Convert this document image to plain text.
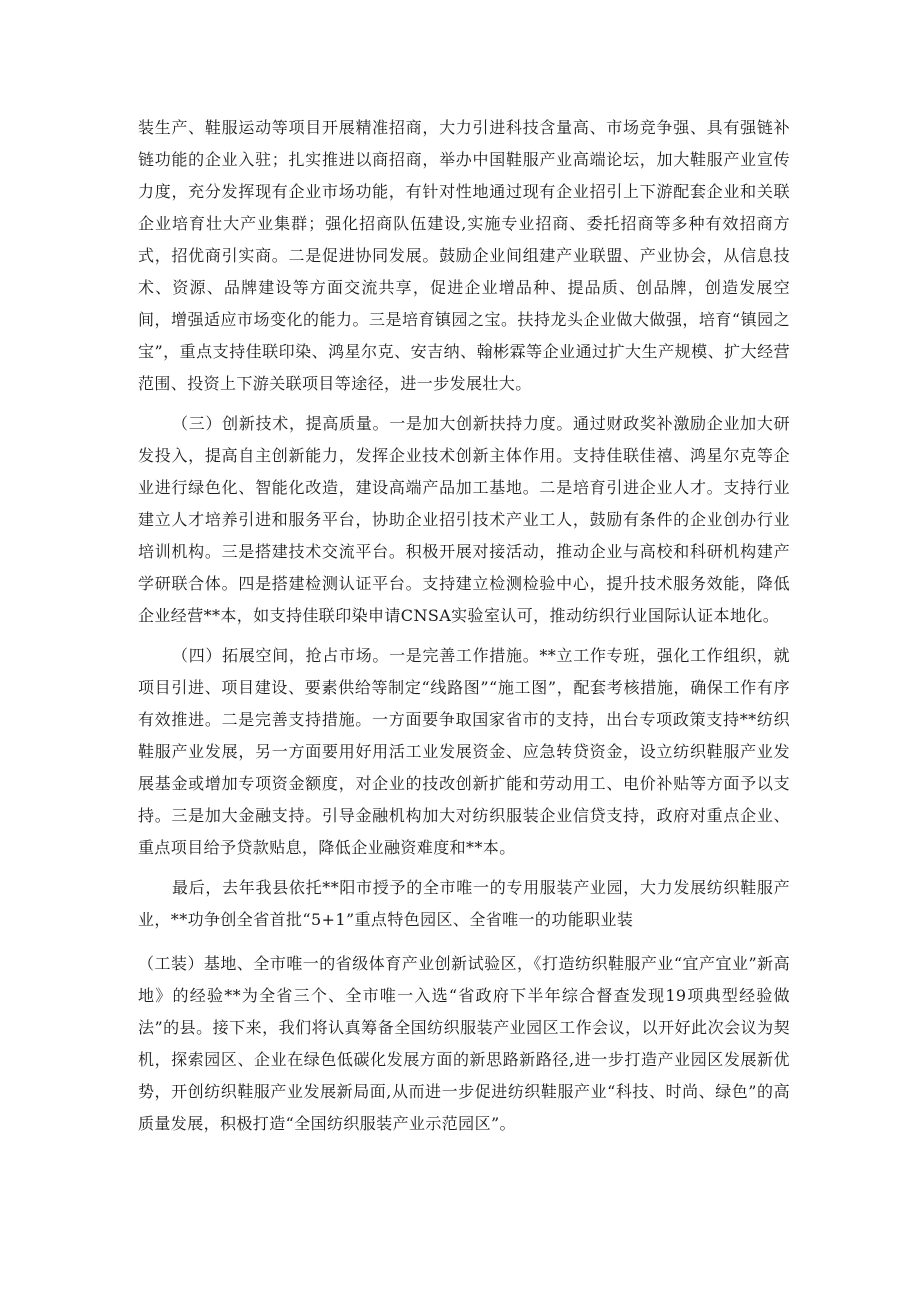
装生产、鞋服运动等项目开展精准招商，大力引进科技含量高、市场竞争强、具有强链补链功能的企业入驻；扎实推进以商招商，举办中国鞋服产业高端论坛，加大鞋服产业宣传力度，充分发挥现有企业市场功能，有针对性地通过现有企业招引上下游配套企业和关联企业培育壮大产业集群；强化招商队伍建设,实施专业招商、委托招商等多种有效招商方式，招优商引实商。二是促进协同发展。鼓励企业间组建产业联盟、产业协会，从信息技术、资源、品牌建设等方面交流共享，促进企业增品种、提品质、创品牌，创造发展空间，增强适应市场变化的能力。三是培育镇园之宝。扶持龙头企业做大做强，培育“镇园之宝”，重点支持佳联印染、鸿星尔克、安吉纳、翰彬霖等企业通过扩大生产规模、扩大经营范围、投资上下游关联项目等途径，进一步发展壮大。

（三）创新技术，提高质量。一是加大创新扶持力度。通过财政奖补激励企业加大研发投入，提高自主创新能力，发挥企业技术创新主体作用。支持佳联佳禧、鸿星尔克等企业进行绿色化、智能化改造，建设高端产品加工基地。二是培育引进企业人才。支持行业建立人才培养引进和服务平台，协助企业招引技术产业工人，鼓励有条件的企业创办行业培训机构。三是搭建技术交流平台。积极开展对接活动，推动企业与高校和科研机构建产学研联合体。四是搭建检测认证平台。支持建立检测检验中心，提升技术服务效能，降低企业经营**本，如支持佳联印染申请CNSA实验室认可，推动纺织行业国际认证本地化。

（四）拓展空间，抢占市场。一是完善工作措施。**立工作专班，强化工作组织，就项目引进、项目建设、要素供给等制定“线路图”“施工图”，配套考核措施，确保工作有序有效推进。二是完善支持措施。一方面要争取国家省市的支持，出台专项政策支持**纺织鞋服产业发展，另一方面要用好用活工业发展资金、应急转贷资金，设立纺织鞋服产业发展基金或增加专项资金额度，对企业的技改创新扩能和劳动用工、电价补贴等方面予以支持。三是加大金融支持。引导金融机构加大对纺织服装企业信贷支持，政府对重点企业、重点项目给予贷款贴息，降低企业融资难度和**本。

最后，去年我县依托**阳市授予的全市唯一的专用服装产业园，大力发展纺织鞋服产业，**功争创全省首批“5+1”重点特色园区、全省唯一的功能职业装

（工装）基地、全市唯一的省级体育产业创新试验区，《打造纺织鞋服产业“宜产宜业”新高地》的经验**为全省三个、全市唯一入选“省政府下半年综合督查发现19项典型经验做法”的县。接下来，我们将认真筹备全国纺织服装产业园区工作会议，以开好此次会议为契机，探索园区、企业在绿色低碳化发展方面的新思路新路径,进一步打造产业园区发展新优势，开创纺织鞋服产业发展新局面,从而进一步促进纺织鞋服产业“科技、时尚、绿色”的高质量发展，积极打造“全国纺织服装产业示范园区”。
